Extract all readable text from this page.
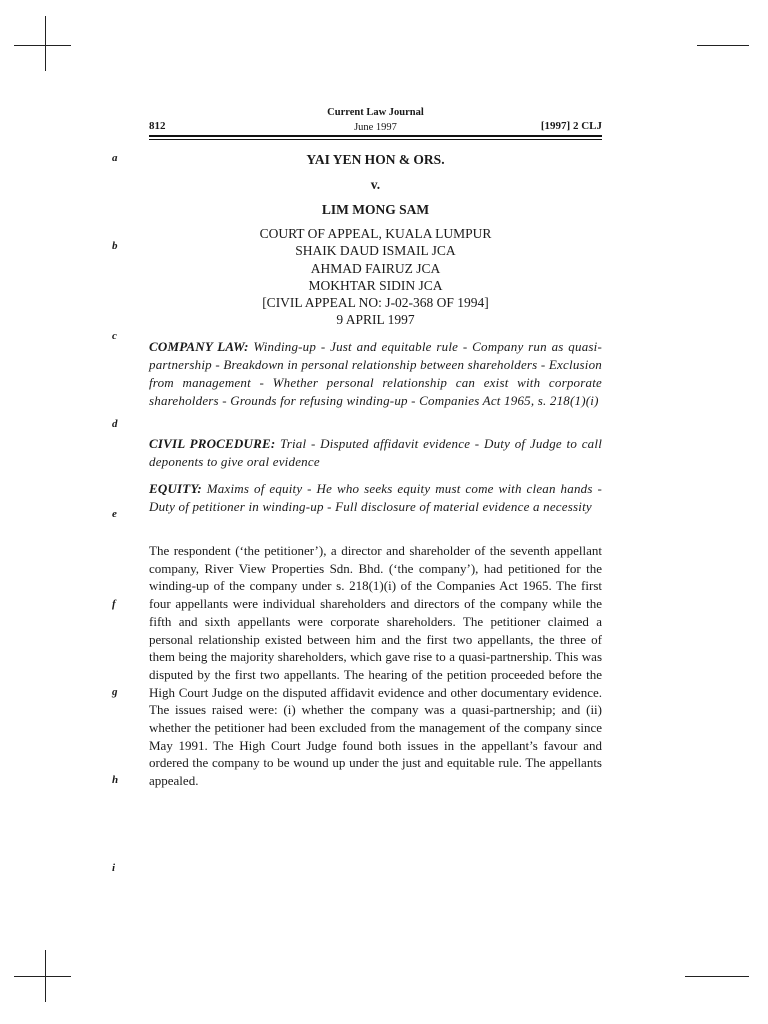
a
b
c
d
e
f
g
h
i
Current Law Journal
June 1997
812	[1997] 2 CLJ
YAI YEN HON & ORS.
v.
LIM MONG SAM
COURT OF APPEAL, KUALA LUMPUR
SHAIK DAUD ISMAIL JCA
AHMAD FAIRUZ JCA
MOKHTAR SIDIN JCA
[CIVIL APPEAL NO: J-02-368 OF 1994]
9 APRIL 1997
COMPANY LAW: Winding-up - Just and equitable rule - Company run as quasi-partnership - Breakdown in personal relationship between shareholders - Exclusion from management - Whether personal relationship can exist with corporate shareholders - Grounds for refusing winding-up - Companies Act 1965, s. 218(1)(i)
CIVIL PROCEDURE: Trial - Disputed affidavit evidence - Duty of Judge to call deponents to give oral evidence
EQUITY: Maxims of equity - He who seeks equity must come with clean hands - Duty of petitioner in winding-up - Full disclosure of material evidence a necessity
The respondent (‘the petitioner’), a director and shareholder of the seventh appellant company, River View Properties Sdn. Bhd. (‘the company’), had petitioned for the winding-up of the company under s. 218(1)(i) of the Companies Act 1965. The first four appellants were individual shareholders and directors of the company while the fifth and sixth appellants were corporate shareholders. The petitioner claimed a personal relationship existed between him and the first two appellants, the three of them being the majority shareholders, which gave rise to a quasi-partnership. This was disputed by the first two appellants. The hearing of the petition proceeded before the High Court Judge on the disputed affidavit evidence and other documentary evidence. The issues raised were: (i) whether the company was a quasi-partnership; and (ii) whether the petitioner had been excluded from the management of the company since May 1991. The High Court Judge found both issues in the appellant’s favour and ordered the company to be wound up under the just and equitable rule. The appellants appealed.
